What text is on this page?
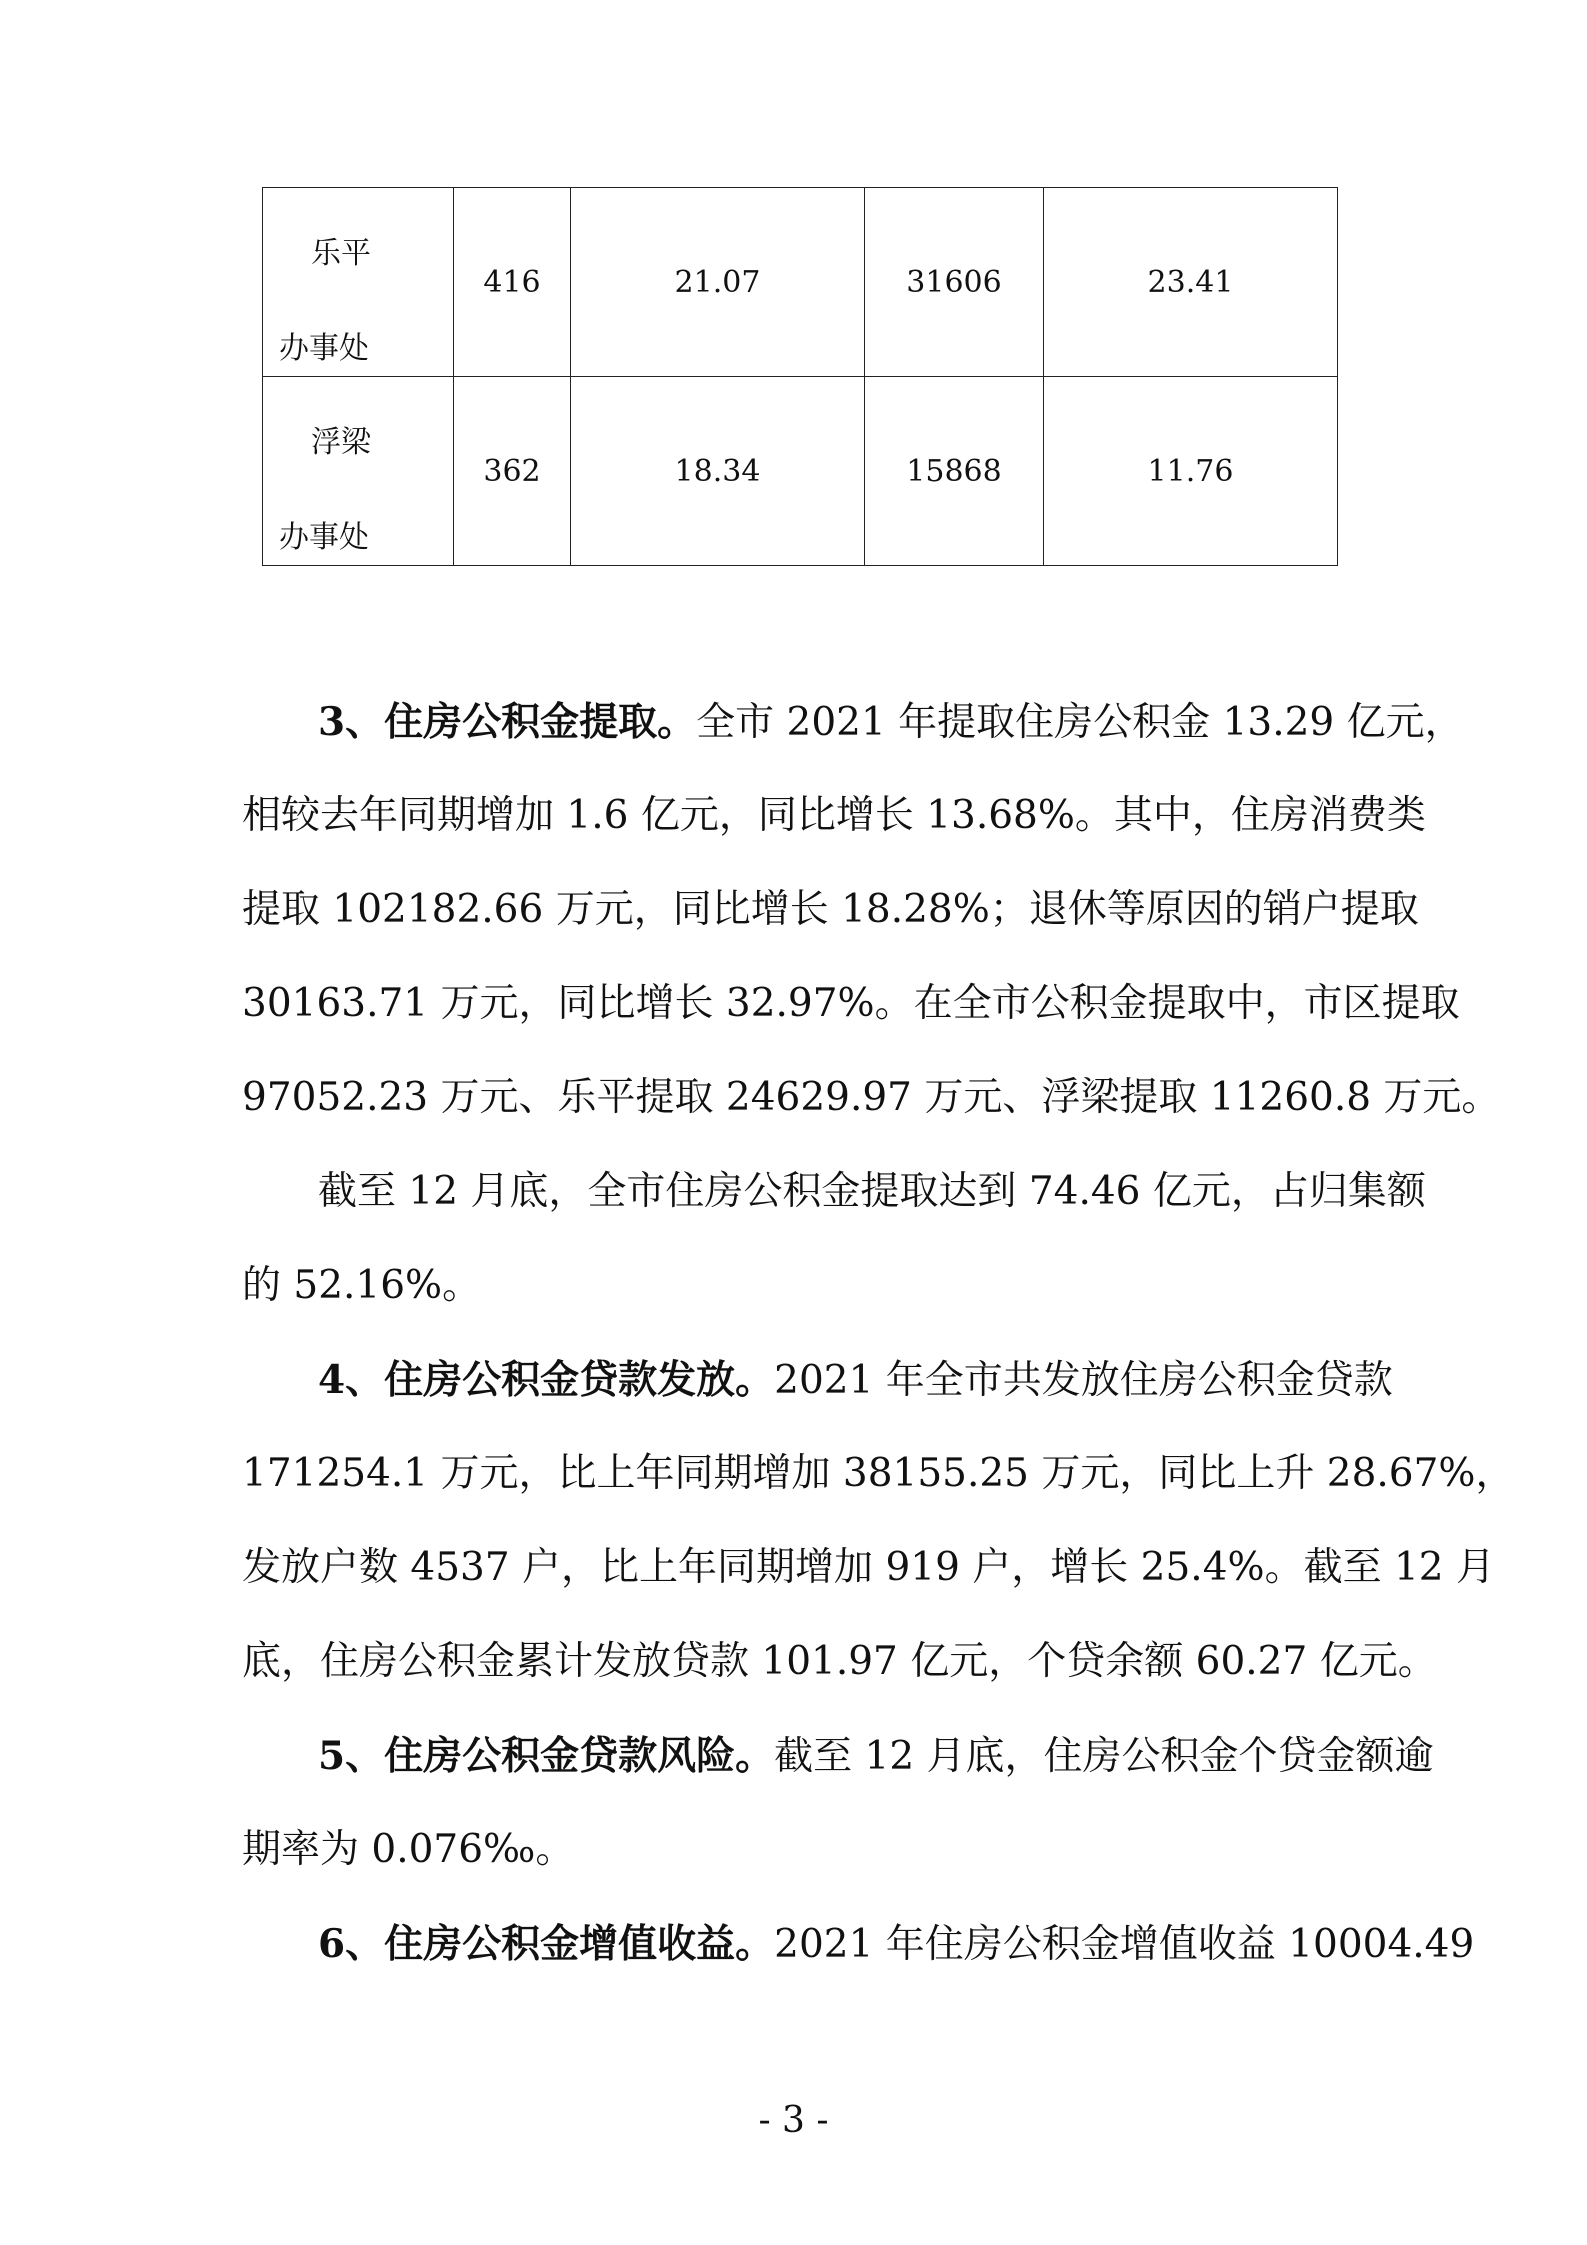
乐平
办事处	416	21.07	31606	23.41

浮梁
办事处	362	18.34	15868	11.76
3、住房公积金提取。全市 2021 年提取住房公积金 13.29 亿元，
相较去年同期增加 1.6 亿元，同比增长 13.68%。其中，住房消费类
提取 102182.66 万元，同比增长 18.28%；退休等原因的销户提取
30163.71 万元，同比增长 32.97%。在全市公积金提取中，市区提取
97052.23 万元、乐平提取 24629.97 万元、浮梁提取 11260.8 万元。
截至 12 月底，全市住房公积金提取达到 74.46 亿元，占归集额
的 52.16%。
4、住房公积金贷款发放。2021 年全市共发放住房公积金贷款
171254.1 万元，比上年同期增加 38155.25 万元，同比上升 28.67%，
发放户数 4537 户，比上年同期增加 919 户，增长 25.4%。截至 12 月
底，住房公积金累计发放贷款 101.97 亿元，个贷余额 60.27 亿元。
5、住房公积金贷款风险。截至 12 月底，住房公积金个贷金额逾
期率为 0.076‰。
6、住房公积金增值收益。2021 年住房公积金增值收益 10004.49
- 3 -
